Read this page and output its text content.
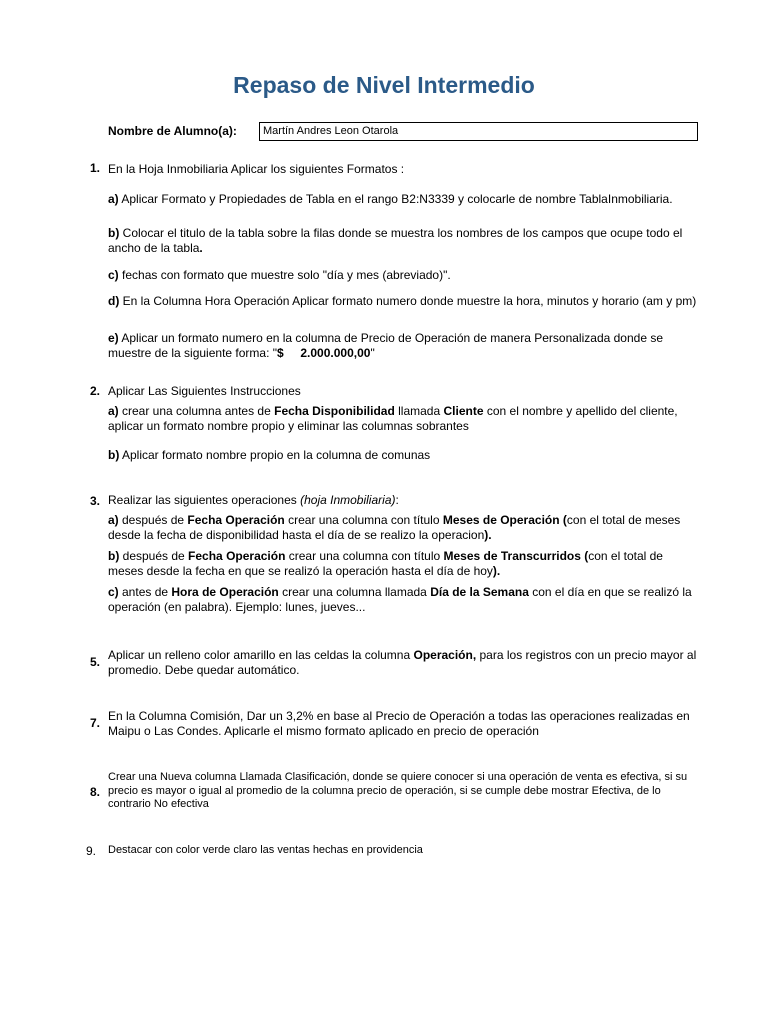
Repaso de Nivel Intermedio
Nombre de Alumno(a):	Martín Andres Leon Otarola
1. En la Hoja Inmobiliaria Aplicar los siguientes Formatos :
a) Aplicar Formato y Propiedades de Tabla en el rango B2:N3339 y colocarle de nombre TablaInmobiliaria.
b) Colocar el titulo de la tabla sobre la filas donde se muestra los nombres de los campos que ocupe todo el ancho de la tabla.
c) fechas con formato que muestre solo "día y mes (abreviado)".
d) En la Columna Hora Operación Aplicar formato numero donde muestre la hora, minutos y horario (am y pm)
e) Aplicar un formato numero en la columna de Precio de Operación de manera Personalizada donde se muestre de la siguiente forma: "$     2.000.000,00"
2. Aplicar Las Siguientes Instrucciones
a) crear una columna antes de Fecha Disponibilidad llamada Cliente con el nombre y apellido del cliente, aplicar un formato nombre propio y eliminar las columnas sobrantes
b) Aplicar formato nombre propio en la columna de comunas
3. Realizar las siguientes operaciones (hoja Inmobiliaria):
a) después de Fecha Operación crear una columna con título Meses de Operación (con el total de meses desde la fecha de disponibilidad hasta el día de se realizo la operacion).
b) después de Fecha Operación crear una columna con título Meses de Transcurridos (con el total de meses desde la fecha en que se realizó la operación hasta el día de hoy).
c) antes de Hora de Operación crear una columna llamada Día de la Semana con el día en que se realizó la operación (en palabra). Ejemplo: lunes, jueves...
5. Aplicar un relleno color amarillo en las celdas la columna Operación, para los registros con un precio mayor al promedio. Debe quedar automático.
7. En la Columna Comisión, Dar un 3,2% en base al Precio de Operación a todas las operaciones realizadas en Maipu o Las Condes. Aplicarle el mismo formato aplicado en precio de operación
8.
Crear una Nueva columna Llamada Clasificación, donde se quiere conocer si una operación de venta es efectiva, si su precio es mayor o igual al promedio de la columna precio de operación, si se cumple debe mostrar Efectiva, de lo contrario No efectiva
9. Destacar con color verde claro las ventas hechas en providencia
